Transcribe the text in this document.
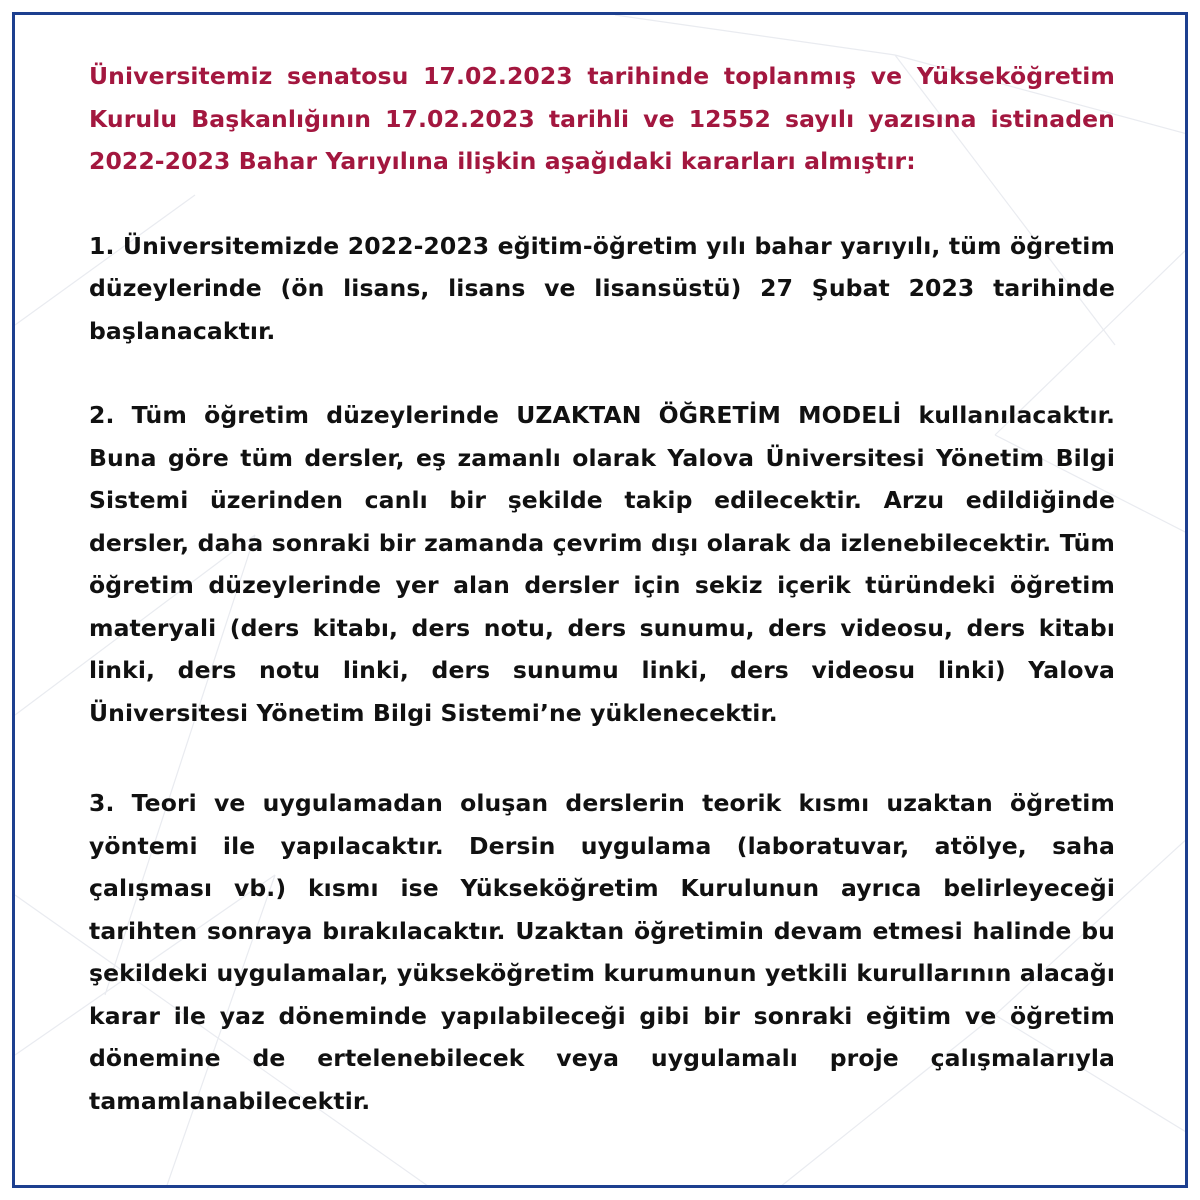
Üniversitemiz senatosu 17.02.2023 tarihinde toplanmış ve Yükseköğretim Kurulu Başkanlığının 17.02.2023 tarihli ve 12552 sayılı yazısına istinaden 2022-2023 Bahar Yarıyılına ilişkin aşağıdaki kararları almıştır:

1. Üniversitemizde 2022-2023 eğitim-öğretim yılı bahar yarıyılı, tüm öğretim düzeylerinde (ön lisans, lisans ve lisansüstü) 27 Şubat 2023 tarihinde başlanacaktır.

2. Tüm öğretim düzeylerinde UZAKTAN ÖĞRETİM MODELİ kullanılacaktır. Buna göre tüm dersler, eş zamanlı olarak Yalova Üniversitesi Yönetim Bilgi Sistemi üzerinden canlı bir şekilde takip edilecektir. Arzu edildiğinde dersler, daha sonraki bir zamanda çevrim dışı olarak da izlenebilecektir. Tüm öğretim düzeylerinde yer alan dersler için sekiz içerik türündeki öğretim materyali (ders kitabı, ders notu, ders sunumu, ders videosu, ders kitabı linki, ders notu linki, ders sunumu linki, ders videosu linki) Yalova Üniversitesi Yönetim Bilgi Sistemi’ne yüklenecektir.

3. Teori ve uygulamadan oluşan derslerin teorik kısmı uzaktan öğretim yöntemi ile yapılacaktır. Dersin uygulama (laboratuvar, atölye, saha çalışması vb.) kısmı ise Yükseköğretim Kurulunun ayrıca belirleyeceği tarihten sonraya bırakılacaktır. Uzaktan öğretimin devam etmesi halinde bu şekildeki uygulamalar, yükseköğretim kurumunun yetkili kurullarının alacağı karar ile yaz döneminde yapılabileceği gibi bir sonraki eğitim ve öğretim dönemine de ertelenebilecek veya uygulamalı proje çalışmalarıyla tamamlanabilecektir.
